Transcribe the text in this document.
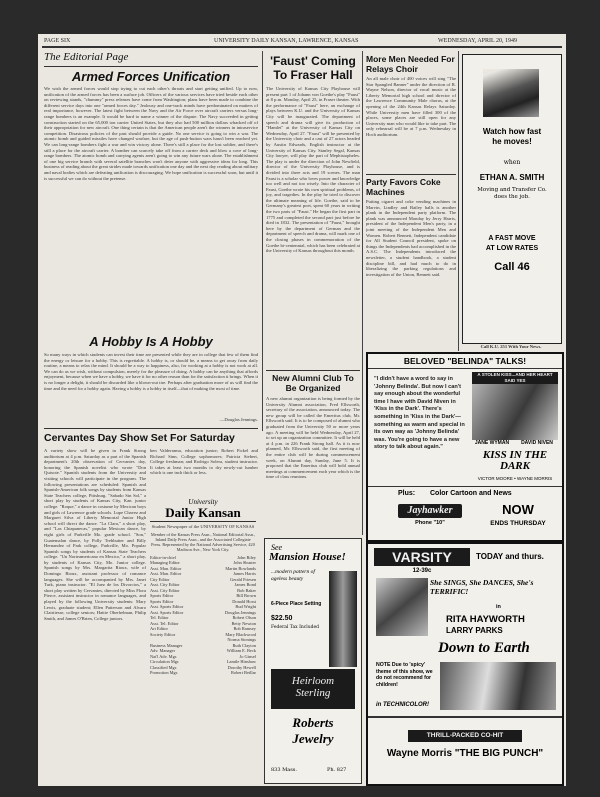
PAGE SIX	UNIVERSITY DAILY KANSAN, LAWRENCE, KANSAS	WEDNESDAY, APRIL 20, 1949
The Editorial Page
Armed Forces Unification
We wish the armed forces would stop trying to cut each other's throats and start getting unified. Up to now, unification of the armed forces has been a surface job. Officers of the various services have tried beside each other on reviewing stands, "chummy" press releases have come from Washington; plans have been made to combine the different service days into one "armed forces day." Jealousy and one-track minds have predominated on matters of real importance, however. The latest fight between the Navy and the Air Force over aircraft carriers versus long-range bombers is an example. It would be hard to name a winner of the dispute. The Navy succeeded in getting construction started on the 65,000 ton carrier United States, but they also had 500 million dollars whacked off of their appropriation for new aircraft. One thing certain is that the American people aren't the winners in intraservice competition. Disastrous policies of the past should provide a guide. No one service is going to win a war. The atomic bomb and guided missiles have changed warfare, but the age of push-button wars hasn't been reached yet. We can long-range bombers fight a war and win victory alone. There's still a place for the lost soldier, and there's still a place for the aircraft carrier. A bomber can scarcely take off from a carrier deck and blow a cove of long-range bombers. The atomic bomb and carrying agents aren't going to win any future wars alone. The establishment of one big service branch with several satellite branches won't deter anyone with aggressive ideas for long. This business of reading about the great strides made towards unification one day and the next day reading about military and naval bodies which are defeating unification is discouraging. We hope unification is successful soon, but until it is successful we can do without the pretense.
A Hobby Is A Hobby
So many ways in which students can invest their time are presented while they are in college that few of them find the energy or leisure for a hobby. This is regrettable. A hobby is, or should be, a means to get away from daily routine, a means to relax the mind. It should be a way to happiness, also, for working at a hobby is not work at all. We can do as we wish, without compulsion, merely for the pleasure of doing. A hobby can be anything that affords enjoyment, because when we have a hobby, we have it for no other reason than for the satisfaction it brings. When it is no longer a delight, it should be discarded like a blown-out tire. Perhaps after graduation more of us will find the time and the need for a hobby again. Having a hobby is a hobby in itself—that of making the most of time.
—Douglas Jennings.
Cervantes Day Show Set For Saturday
A variety show will be given in Frank Strong auditorium at 4 p.m. Saturday as a part of the Spanish department's 20th observation of Cervantes day, honoring the Spanish novelist who wrote "Don Quixote." Spanish students from the University and visiting schools will participate in the program. The following presentations are scheduled: Spanish and Spanish-American folk songs by students from Kansas State Teachers college, Pittsburg. "Sabado Sin Sol," a short play by students of Kansas City, Kan. junior college. "Roque," a dance in costume by Mexican boys and girls of Lawrence grade schools. Lupe Chavez and Margaret Silva of Liberty Memorial Junior High school will direct the dance. "La Clara," a short play, and "Las Chiapanecas," popular Mexican dance, by eight girls of Parkville Mo. grade school. "Son," Guatemalan dance, by Polly Trebbutter and Billy Hernandez of Park college, Parkville, Mo. Popular Spanish songs by students of Kansas State Teachers college. "Un Norteamericano en Mexico," a short play, by students of Kansas City, Mo. Junior college. Spanish songs by Mrs. Margarita Rioux, wife of Domingo Rioux, assistant professor of romance languages. She will be accompanied by Mrs. Janet Turk, piano instructor. "El Juez de los Divorcios," a short play written by Cervantes, directed by Miss Flora Pierce, assistant instructor in romance languages, and played by the following University students: Mary Lewis, graduate student; Ellen Patterson and Alvaro Clairtiesse, college seniors; Hattie Oberhelman, Philip Smith, and James O'Brien, College juniors.
ben Valderrama, education junior; Robert Fickel and Richard Sinn, College sophomores; Patricia Siebert, College freshman; and Rodrigo Solera, student instructor. It takes at least two months to dry newly-cut lumber which is one inch thick or less.
University
Daily Kansan
Student Newspaper of the UNIVERSITY OF KANSAS
Member of the Kansas Press Assn., National Editorial Assn., Inland Daily Press Assn., and the Associated Collegiate Press. Represented by the National Advertising Service, 420 Madison Ave., New York City.
Editor-in-chief	John Riley
Managing Editor	John Shuster
Asst. Man. Editor	Martin Bowlands
Asst. Man. Editor	James Harris
City Editor	Gerald Friesen
Asst. City Editor	James Bond
Asst. City Editor	Bob Baker
Sports Editor	Bill Brown
Sports Editor	Donald Horst
Asst. Sports Editor	Bud Wright
Asst. Sports Editor	Douglas Jennings
Tel. Editor	Robert Olson
Asst. Tel. Editor	Betty Newton
Art Editor	Bob Ramsey
Society Editor	Mary Blackwood
Norma Stonings
Business Manager	Ruth Clayton
Adv. Manager	William E. Beck
Nat'l Adv. Mgr.	Jo Ginsel
Circulation Mgr.	Lamile Hinshaw
Classified Mgr.	Dorothy Hewell
Promotion Mgr.	Robert Beillar
'Faust' Coming To Fraser Hall
The University of Kansas City Playhouse will present part 1 of Johann von Goethe's play "Faust" at 8 p.m. Monday, April 25, in Fraser theater. With the performance of "Faust" here, an exchange of plays between K.U. and the University of Kansas City will be inaugurated. The department of speech and drama will give its production of "Hamlet" at the University of Kansas City on Wednesday, April 27. "Faust" will be presented by the University choir and a cast of 27 actors headed by Austin Edwards, English instructor at the University of Kansas City. Stanley Segal, Kansas City lawyer, will play the part of Mephistopheles. The play is under the direction of John Newfield, director of the University Playhouse, and is divided into three acts and 19 scenes. The man Faust is a scholar who loves power and knowledge too well and not too wisely. Into the character of Faust, Goethe wrote his own spiritual problems, of joy, and tragedies. In the play he tried to discover the ultimate meaning of life. Goethe, said to be Germany's greatest poet, spent 60 years in writing the two parts of "Faust." He began the first part in 1775 and completed the second part just before he died in 1832. The presentation of "Faust," brought here by the department of German and the department of speech and drama, will mark one of the closing phases in commemoration of the Goethe bi-centennial, which has been celebrated at the University of Kansas throughout this month.
New Alumni Club To Be Organized
A new alumni organization is being formed by the University Alumni association, Fred Ellsworth, secretary of the association, announced today. The new group will be called the Emeritus club, Mr. Ellsworth said. It is to be composed of alumni who graduated from the University 50 or more years ago. A meeting will be held Wednesday, April 27, to set up an organization committee. It will be held at 4 p.m. in 226 Frank Strong hall. As it is now planned, Mr. Ellsworth said, the first meeting of the entire club will be during commencement week, on Alumni day, Sunday, June 5. It is proposed that the Emeritus club will hold annual meetings at commencement each year which is the time of class reunions.
More Men Needed For Relays Choir
An all male choir of 400 voices will sing "The Star Spangled Banner" under the direction of R. Wayne Nelson, director of vocal music at the Liberty Memorial high school and director of the Lawrence Community Male chorus, at the opening of the 24th Kansas Relays Saturday. While University men have filled 300 of the places, some places are still open for any University man who would like to take part. The only rehearsal will be at 7 p.m. Wednesday in Hoch auditorium.
Party Favors Coke Machines
Putting cigaret and coke vending machines in Marvin, Lindley and Bailey halls is another plank in the Independent party platform. The plank was announced Monday by Jerry Harris, president of the Independent Men's party, in a joint meeting of the Independent Men and Women. Robert Bennett, Independent candidate for All Student Council president, spoke on things the Independents had accomplished in the A.S.C. The Independents introduced the newsletter, a student handbook, a student discipline bill, and had much to do in liberalizing the parking regulations and investigation of the Union, Bennett said.
Watch how fast
he moves!
when
ETHAN A. SMITH
Moving and Transfer Co. does the job.
A FAST MOVE
AT LOW RATES
Call 46
Call K.U. 251 With Your News.
BELOVED "BELINDA" TALKS!
"I didn't have a word to say in 'Johnny Belinda'. But now I can't say enough about the wonderful time I have with David Niven in 'Kiss in the Dark'. There's something in 'Kiss in the Dark'—something as warm and special in its own way as 'Johnny Belinda' was. You're going to have a new story to talk about again."
A STOLEN KISS...AND HER HEART SAID YES
JANE WYMAN	DAVID NIVEN
KISS IN THE DARK
VICTOR MOORE • WAYNE MORRIS
Plus: Color Cartoon and News
Jayhawker
Phone "10"
NOW
ENDS THURSDAY
See
Mansion House!
...modern pattern of ageless beauty
6-Piece Place Setting
$22.50
Federal Tax Included
Heirloom
Sterling
Roberts
Jewelry
833 Mass.	Ph. 827
VARSITY	TODAY and thurs.
12-39c
She SINGS, She DANCES, She's TERRIFIC!
in
RITA HAYWORTH
LARRY PARKS
Down to Earth
NOTE Due to 'spicy' theme of this show, we do not recommend for children!
in TECHNICOLOR!
THRILL-PACKED CO-HIT
Wayne Morris "THE BIG PUNCH"
